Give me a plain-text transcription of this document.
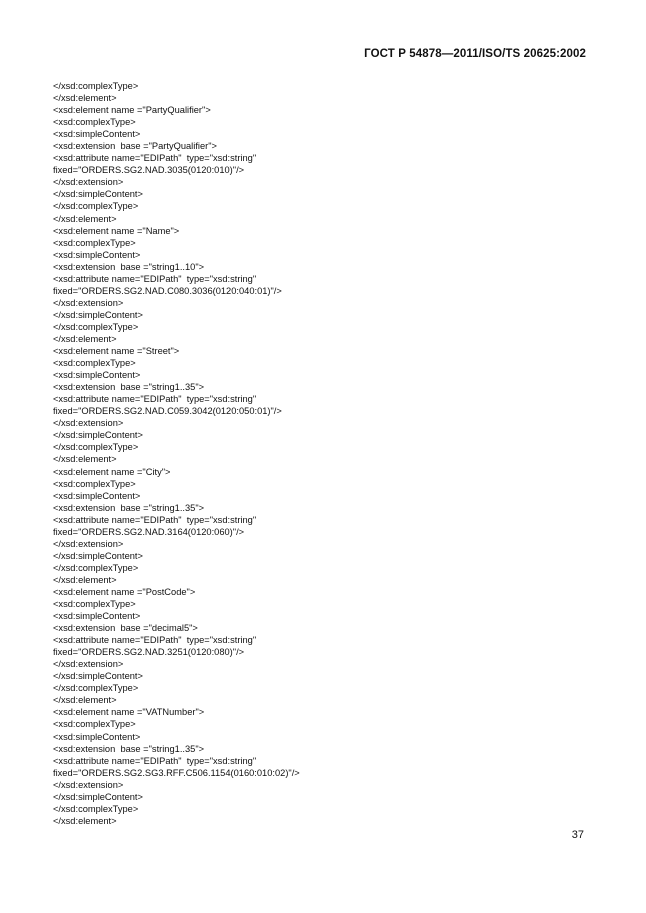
ГОСТ Р 54878—2011/ISO/TS 20625:2002
</xsd:complexType>
</xsd:element>
<xsd:element name ="PartyQualifier">
<xsd:complexType>
<xsd:simpleContent>
<xsd:extension  base ="PartyQualifier">
<xsd:attribute name="EDIPath"  type="xsd:string"
fixed="ORDERS.SG2.NAD.3035(0120:010)"/>
</xsd:extension>
</xsd:simpleContent>
</xsd:complexType>
</xsd:element>
<xsd:element name ="Name">
<xsd:complexType>
<xsd:simpleContent>
<xsd:extension  base ="string1..10">
<xsd:attribute name="EDIPath"  type="xsd:string"
fixed="ORDERS.SG2.NAD.C080.3036(0120:040:01)"/>
</xsd:extension>
</xsd:simpleContent>
</xsd:complexType>
</xsd:element>
<xsd:element name ="Street">
<xsd:complexType>
<xsd:simpleContent>
<xsd:extension  base ="string1..35">
<xsd:attribute name="EDIPath"  type="xsd:string"
fixed="ORDERS.SG2.NAD.C059.3042(0120:050:01)"/>
</xsd:extension>
</xsd:simpleContent>
</xsd:complexType>
</xsd:element>
<xsd:element name ="City">
<xsd:complexType>
<xsd:simpleContent>
<xsd:extension  base ="string1..35">
<xsd:attribute name="EDIPath"  type="xsd:string"
fixed="ORDERS.SG2.NAD.3164(0120:060)"/>
</xsd:extension>
</xsd:simpleContent>
</xsd:complexType>
</xsd:element>
<xsd:element name ="PostCode">
<xsd:complexType>
<xsd:simpleContent>
<xsd:extension  base ="decimal5">
<xsd:attribute name="EDIPath"  type="xsd:string"
fixed="ORDERS.SG2.NAD.3251(0120:080)"/>
</xsd:extension>
</xsd:simpleContent>
</xsd:complexType>
</xsd:element>
<xsd:element name ="VATNumber">
<xsd:complexType>
<xsd:simpleContent>
<xsd:extension  base ="string1..35">
<xsd:attribute name="EDIPath"  type="xsd:string"
fixed="ORDERS.SG2.SG3.RFF.C506.1154(0160:010:02)"/>
</xsd:extension>
</xsd:simpleContent>
</xsd:complexType>
</xsd:element>
37
